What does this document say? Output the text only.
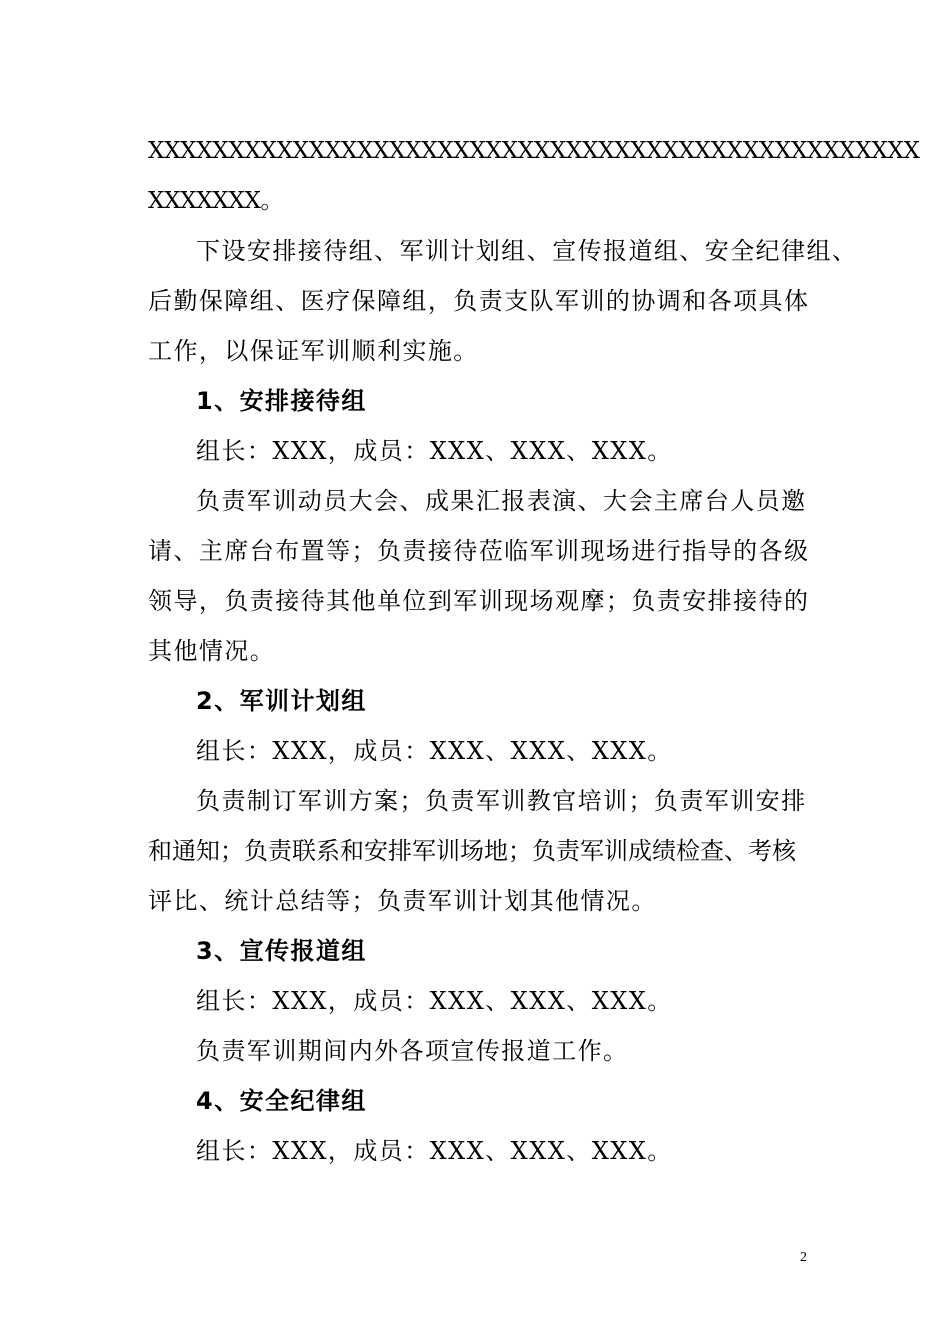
XXXXXXXXXXXXXXXXXXXXXXXXXXXXXXXXXXXXXXXXXXXXXXXX
XXXXXXX。
下设安排接待组、军训计划组、宣传报道组、安全纪律组、
后勤保障组、医疗保障组，负责支队军训的协调和各项具体
工作，以保证军训顺利实施。
1、安排接待组
组长：XXX，成员：XXX、XXX、XXX。
负责军训动员大会、成果汇报表演、大会主席台人员邀
请、主席台布置等；负责接待莅临军训现场进行指导的各级
领导，负责接待其他单位到军训现场观摩；负责安排接待的
其他情况。
2、军训计划组
组长：XXX，成员：XXX、XXX、XXX。
负责制订军训方案；负责军训教官培训；负责军训安排
和通知；负责联系和安排军训场地；负责军训成绩检查、考核
评比、统计总结等；负责军训计划其他情况。
3、宣传报道组
组长：XXX，成员：XXX、XXX、XXX。
负责军训期间内外各项宣传报道工作。
4、安全纪律组
组长：XXX，成员：XXX、XXX、XXX。
2
